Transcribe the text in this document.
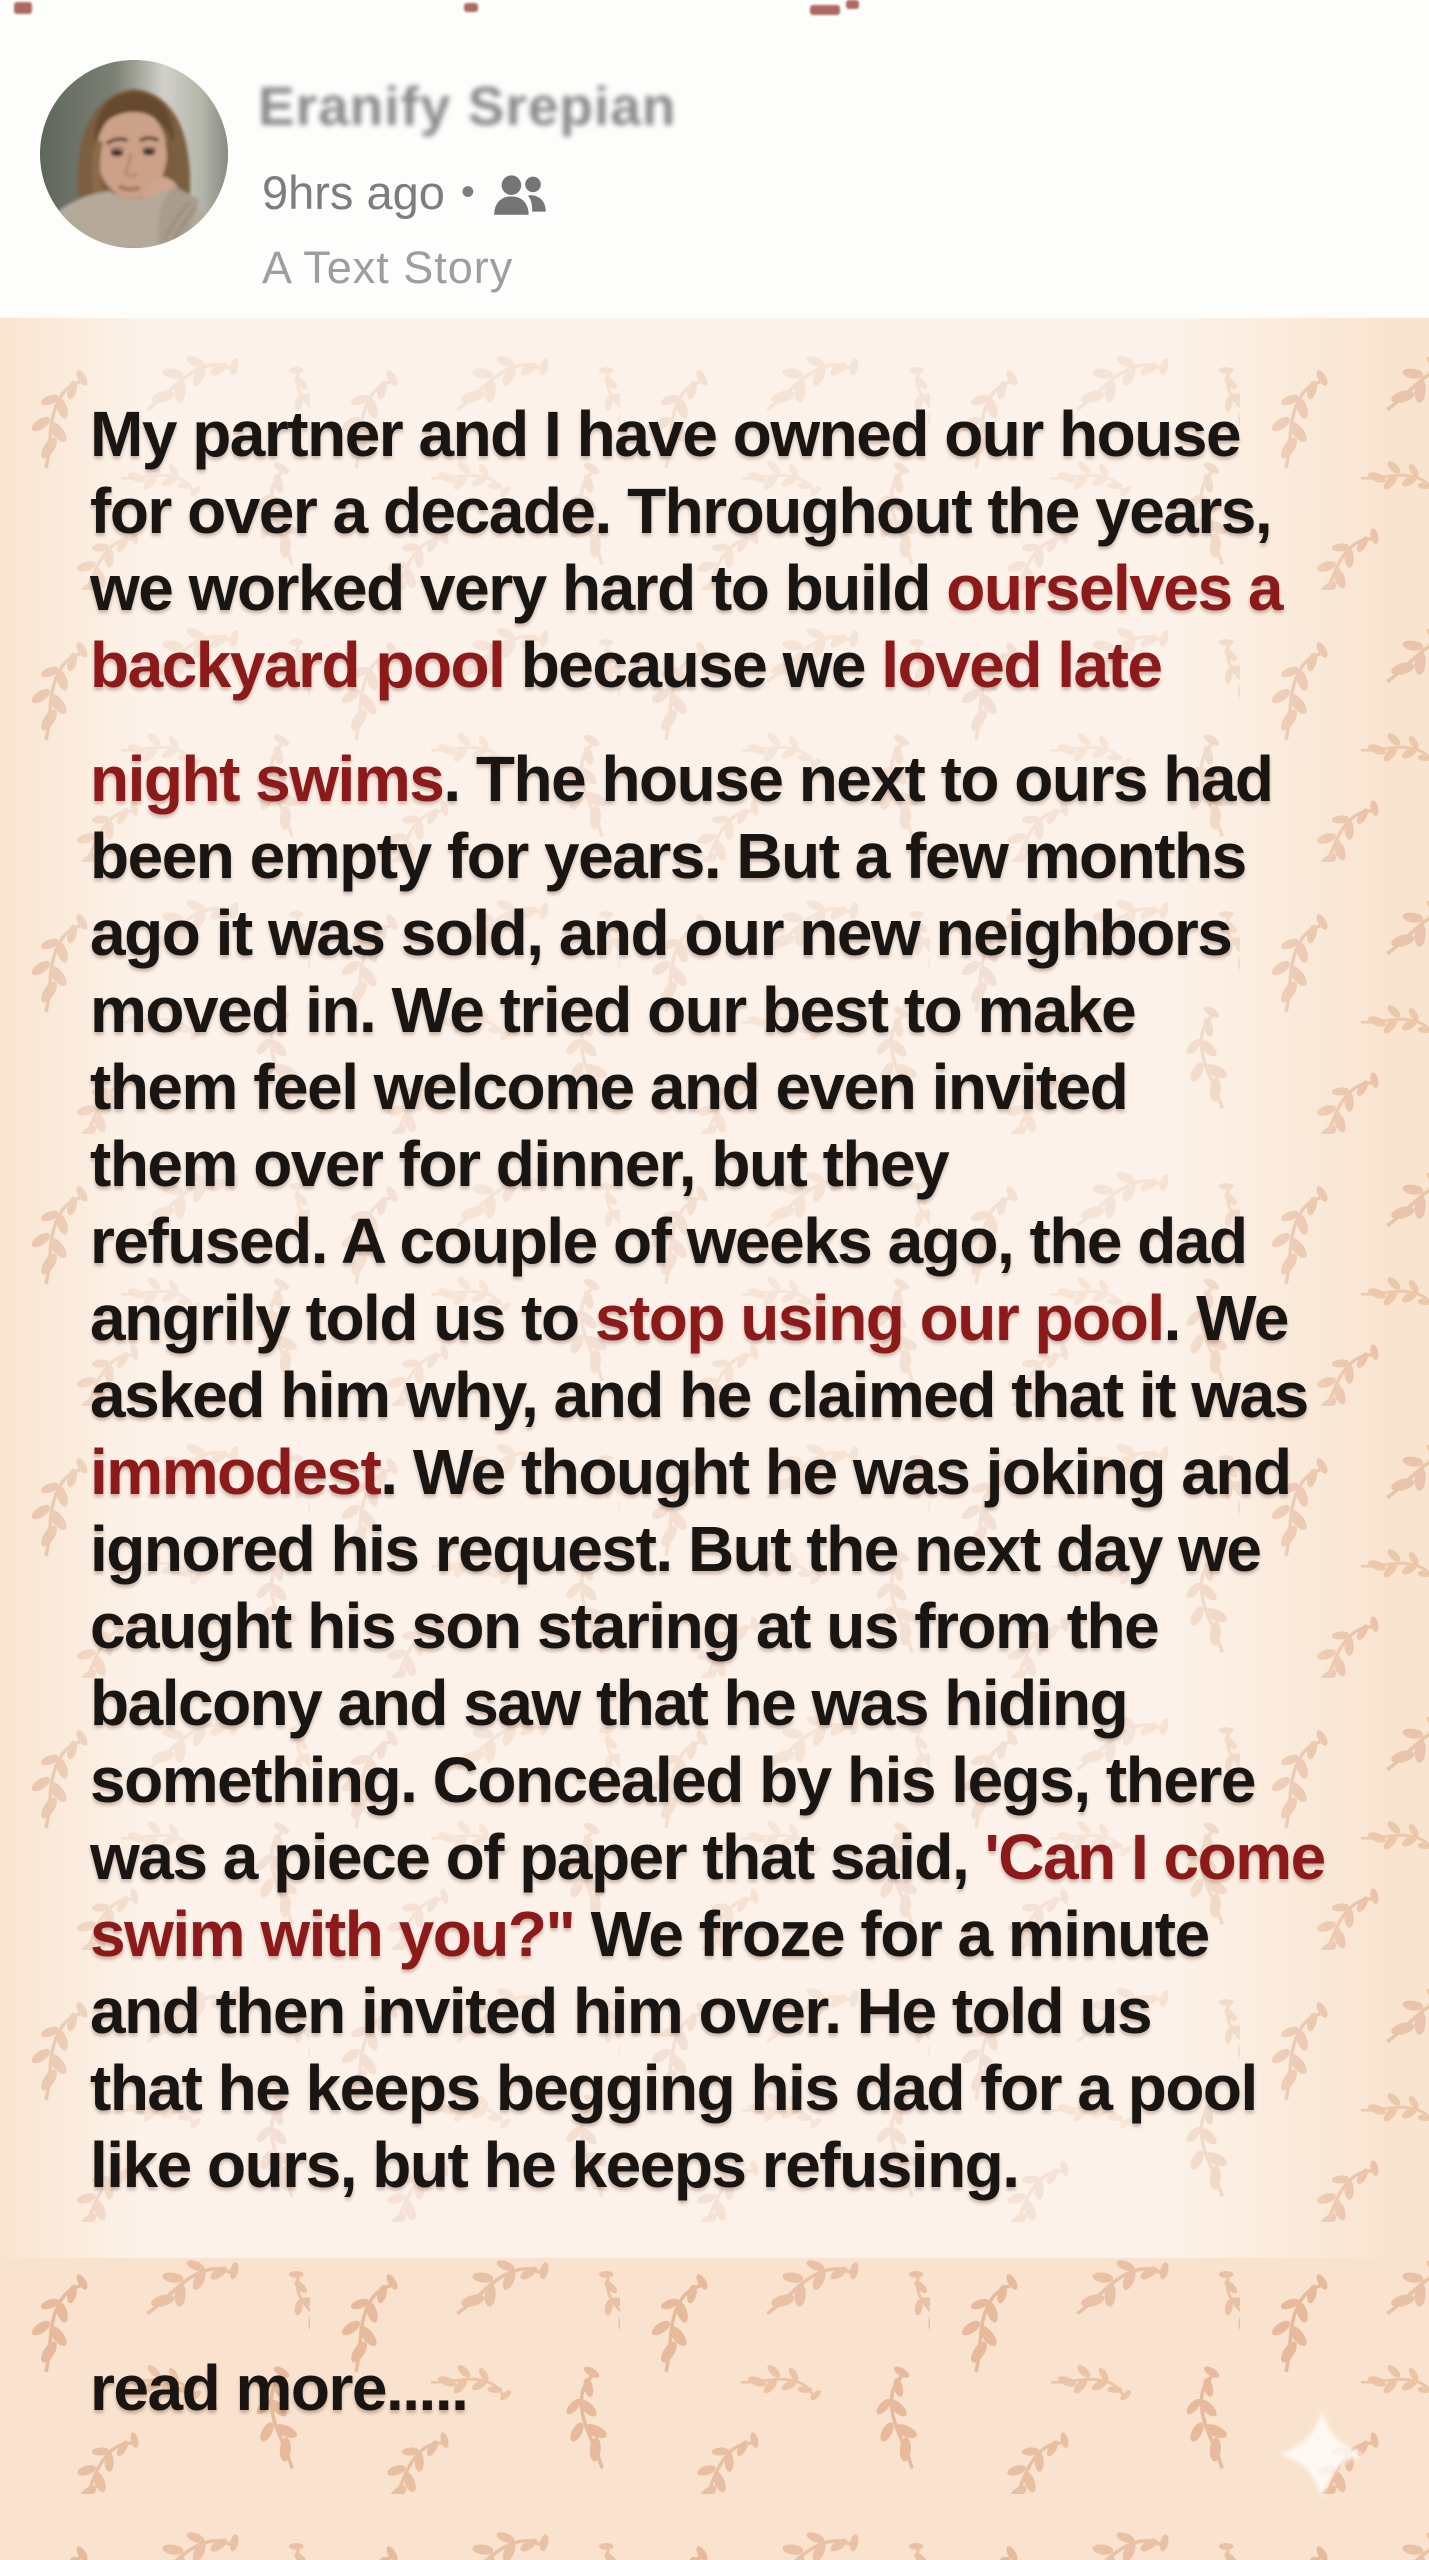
Eranify Srepian
9hrs ago •
A Text Story
My partner and I have owned our house
for over a decade. Throughout the years,
we worked very hard to build ourselves a
backyard pool because we loved late
night swims. The house next to ours had
been empty for years. But a few months
ago it was sold, and our new neighbors
moved in. We tried our best to make
them feel welcome and even invited
them over for dinner, but they
refused. A couple of weeks ago, the dad
angrily told us to stop using our pool. We
asked him why, and he claimed that it was
immodest. We thought he was joking and
ignored his request. But the next day we
caught his son staring at us from the
balcony and saw that he was hiding
something. Concealed by his legs, there
was a piece of paper that said, 'Can I come
swim with you?" We froze for a minute
and then invited him over. He told us
that he keeps begging his dad for a pool
like ours, but he keeps refusing.
read more.....
